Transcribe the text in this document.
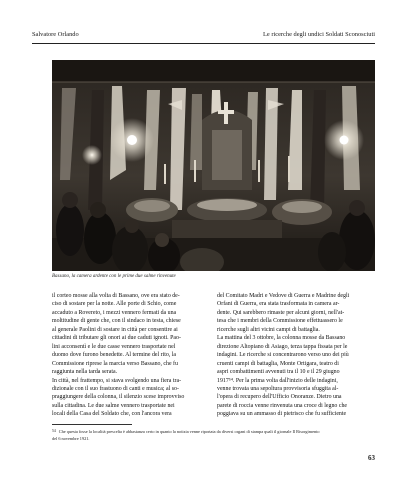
Salvatore Orlando	Le ricerche degli undici Soldati Sconosciuti
Bassano, la camera ardente con le prime due salme rinvenute
il corteo mosse alla volta di Bassano, ove era stato de-
ciso di sostare per la notte. Alle porte di Schio, come
accaduto a Rovereto, i mezzi vennero fermati da una
moltitudine di gente che, con il sindaco in testa, chiese
al generale Paolini di sostare in città per consentire ai
cittadini di tributare gli onori ai due caduti ignoti. Pao-
lini acconsentì e le due casse vennero trasportate nel
duomo dove furono benedette. Al termine del rito, la
Commissione riprese la marcia verso Bassano, che fu
raggiunta nella tarda serata.
In città, nel frattempo, si stava svolgendo una fiera tra-
dizionale con il suo frastuono di canti e musica; al so-
praggiungere della colonna, il silenzio scese improvviso
sulla cittadina. Le due salme vennero trasportate nei
locali della Casa del Soldato che, con l'ancora vera
del Comitato Madri e Vedove di Guerra e Madrine degli
Orfani di Guerra, era stata trasformata in camera ar-
dente. Qui sarebbero rimaste per alcuni giorni, nell'at-
tesa che i membri della Commissione effettuassero le
ricerche sugli altri vicini campi di battaglia.
La mattina del 3 ottobre, la colonna mosse da Bassano
direzione Altopiano di Asiago, terza tappa fissata per le
indagini. Le ricerche si concentrarono verso uno dei più
cruenti campi di battaglia, Monte Ortigara, teatro di
aspri combattimenti avvenuti tra il 10 e il 29 giugno
1917⁵⁴. Per la prima volta dall'inizio delle indagini,
venne trovata una sepoltura provvisoria sfuggita al-
l'opera di recupero dell'Ufficio Onoranze. Dietro una
parete di roccia venne rinvenuta una croce di legno che
poggiava su un ammasso di pietrisco che fu sufficiente
54 Che questa fosse la località prescelta è abbastanza certo in quanto la notizia venne riportata da diversi organi di stampa quali il giornale Il Risorgimento
del 6 novembre 1921.
63
